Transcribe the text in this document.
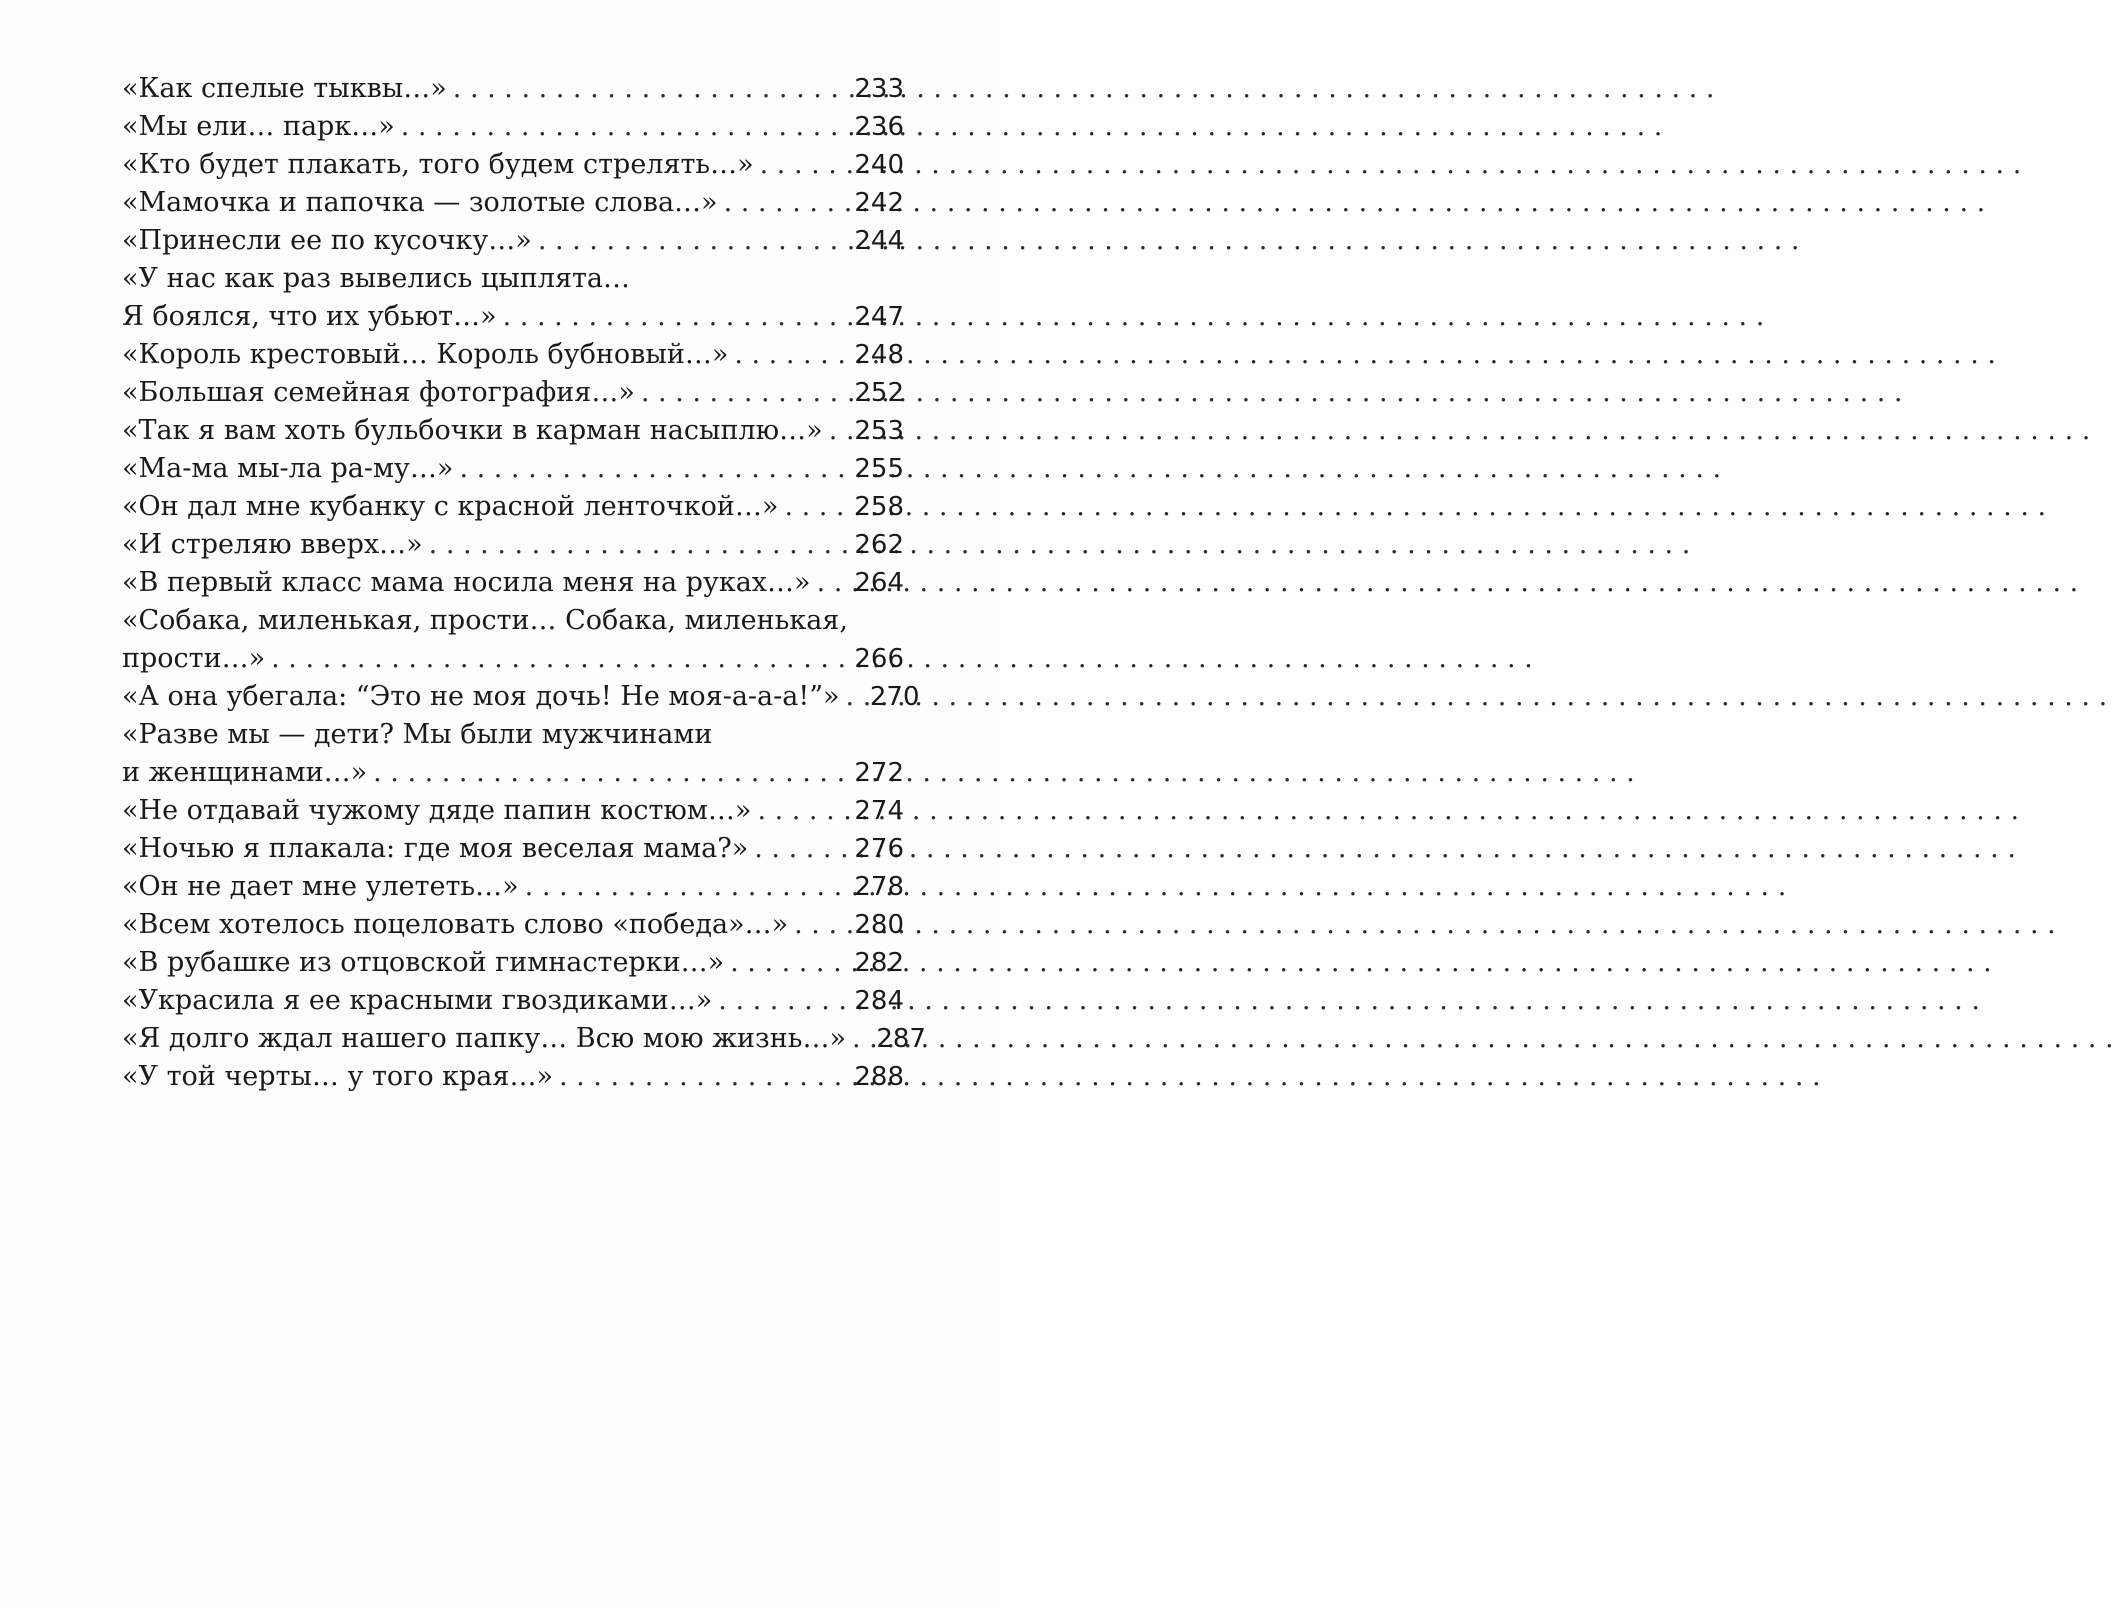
«Как спелые тыквы…» . . .	233
«Мы ели… парк…» . . .	236
«Кто будет плакать, того будем стрелять…» . . .	240
«Мамочка и папочка — золотые слова…» . . .	242
«Принесли ее по кусочку…» . . .	244
«У нас как раз вывелись цыплята…
Я боялся, что их убьют…» . . .	247
«Король крестовый… Король бубновый…» . . .	248
«Большая семейная фотография…» . . .	252
«Так я вам хоть бульбочки в карман насыплю…» . . . 253
«Ма-ма мы-ла ра-му…» . . .	255
«Он дал мне кубанку с красной ленточкой…» . . .	258
«И стреляю вверх…» . . .	262
«В первый класс мама носила меня на руках…» . . . 264
«Собака, миленькая, прости… Собака, миленькая,
прости…» . . .	266
«А она убегала: “Это не моя дочь! Не моя-а-а-а!”» . . . 270
«Разве мы — дети? Мы были мужчинами
и женщинами…» . . .	272
«Не отдавай чужому дяде папин костюм…» . . .	274
«Ночью я плакала: где моя веселая мама?» . . .	276
«Он не дает мне улететь…» . . .	278
«Всем хотелось поцеловать слово «победа»…» . . .	280
«В рубашке из отцовской гимнастерки…» . . .	282
«Украсила я ее красными гвоздиками…» . . .	284
«Я долго ждал нашего папку… Всю мою жизнь…» . . . 287
«У той черты… у того края…» . . .	288
